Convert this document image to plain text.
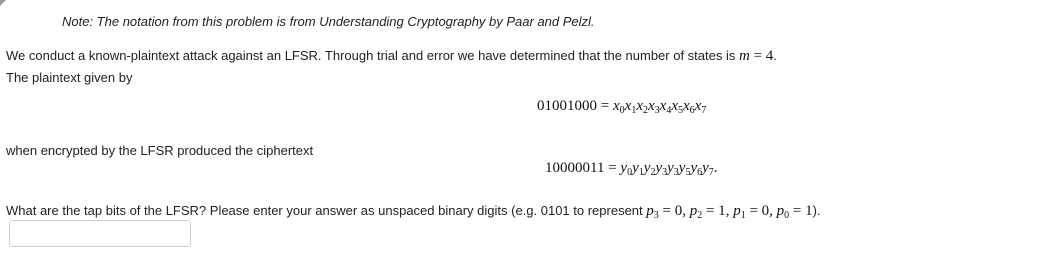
Note: The notation from this problem is from Understanding Cryptography by Paar and Pelzl.
We conduct a known-plaintext attack against an LFSR. Through trial and error we have determined that the number of states is m = 4.
The plaintext given by
$01001000 = x_0x_1x_2x_3x_4x_5x_6x_7$
when encrypted by the LFSR produced the ciphertext
$10000011 = y_0y_1y_2y_3y_3y_5y_6y_7$.
What are the tap bits of the LFSR? Please enter your answer as unspaced binary digits (e.g. 0101 to represent $p_3 = 0$, $p_2 = 1$, $p_1 = 0$, $p_0 = 1$).
